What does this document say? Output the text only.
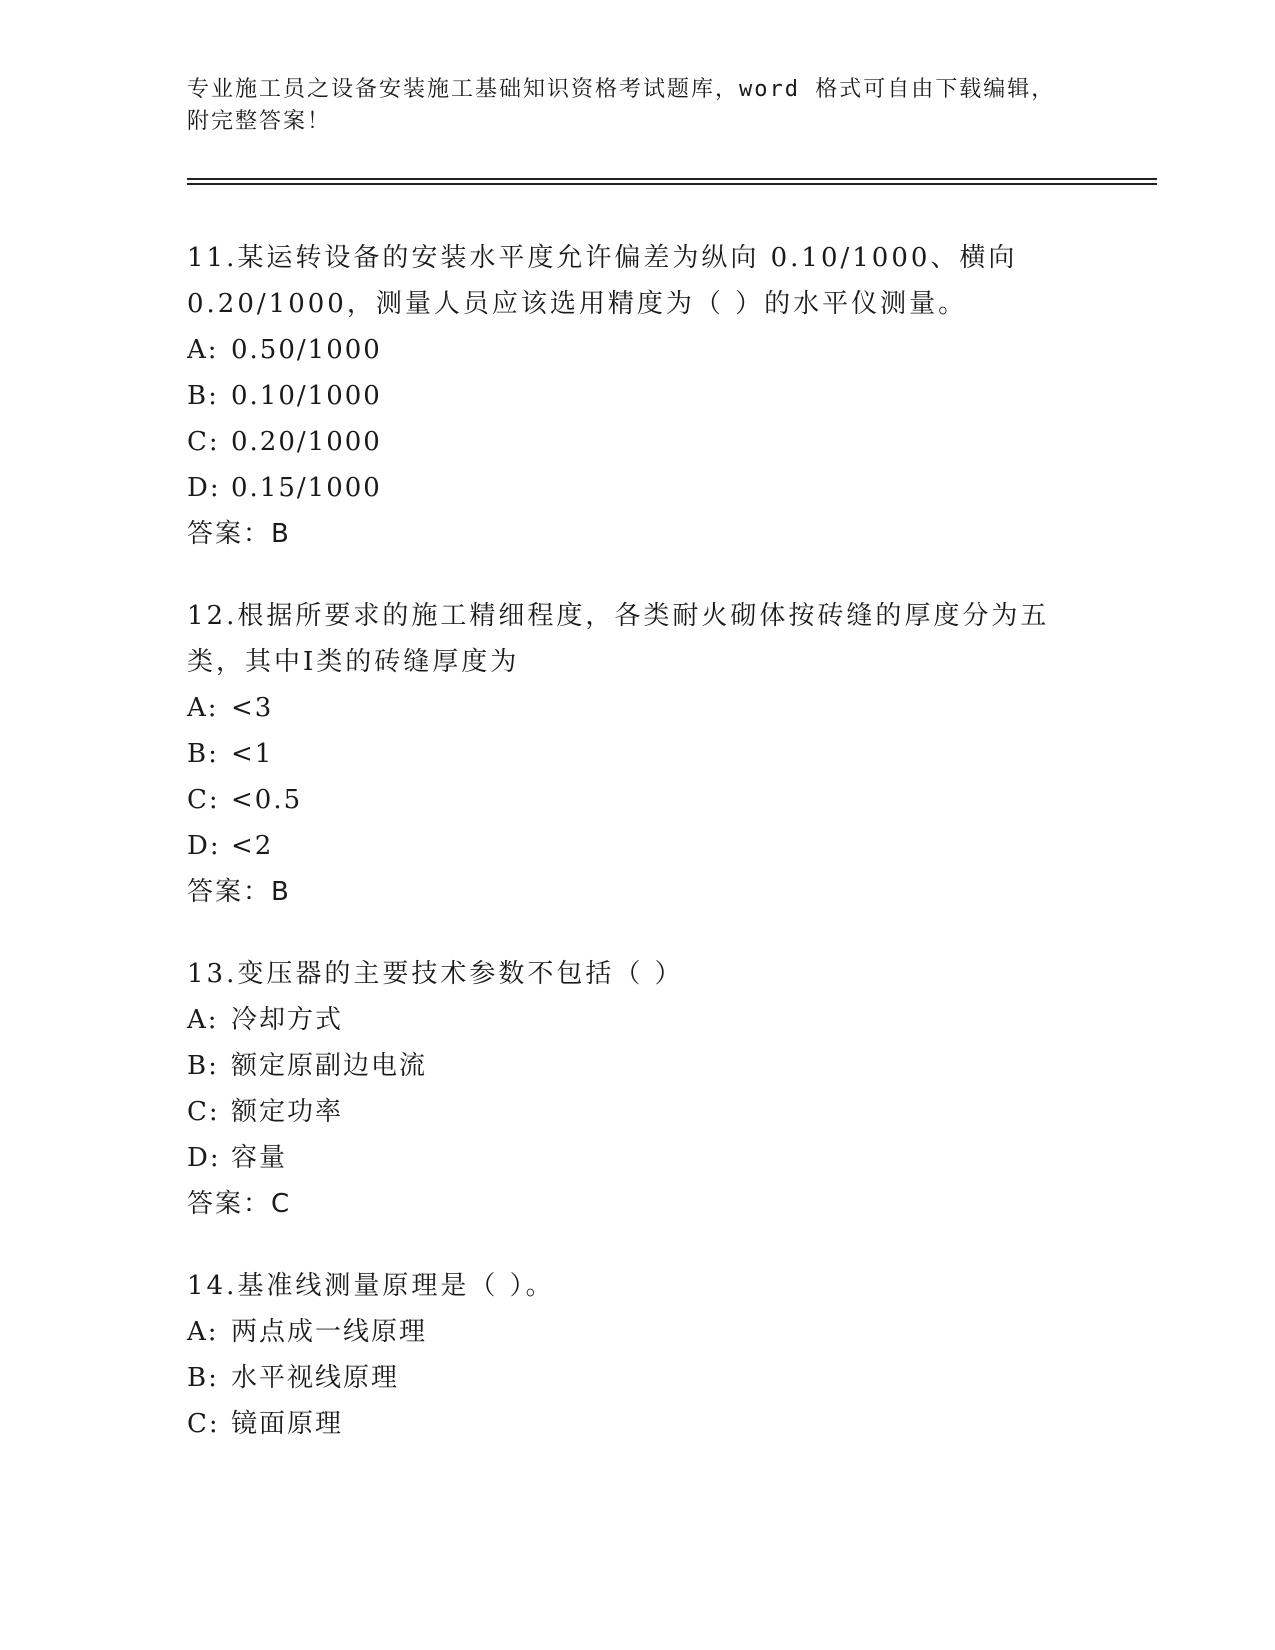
专业施工员之设备安装施工基础知识资格考试题库，word 格式可自由下载编辑，附完整答案！
11.某运转设备的安装水平度允许偏差为纵向 0.10/1000、横向 0.20/1000，测量人员应该选用精度为（ ）的水平仪测量。
A: 0.50/1000
B: 0.10/1000
C: 0.20/1000
D: 0.15/1000
答案：B
12.根据所要求的施工精细程度，各类耐火砌体按砖缝的厚度分为五类，其中Ⅰ类的砖缝厚度为
A: <3
B: <1
C: <0.5
D: <2
答案：B
13.变压器的主要技术参数不包括（ ）
A: 冷却方式
B: 额定原副边电流
C: 额定功率
D: 容量
答案：C
14.基准线测量原理是（ ）。
A: 两点成一线原理
B: 水平视线原理
C: 镜面原理
